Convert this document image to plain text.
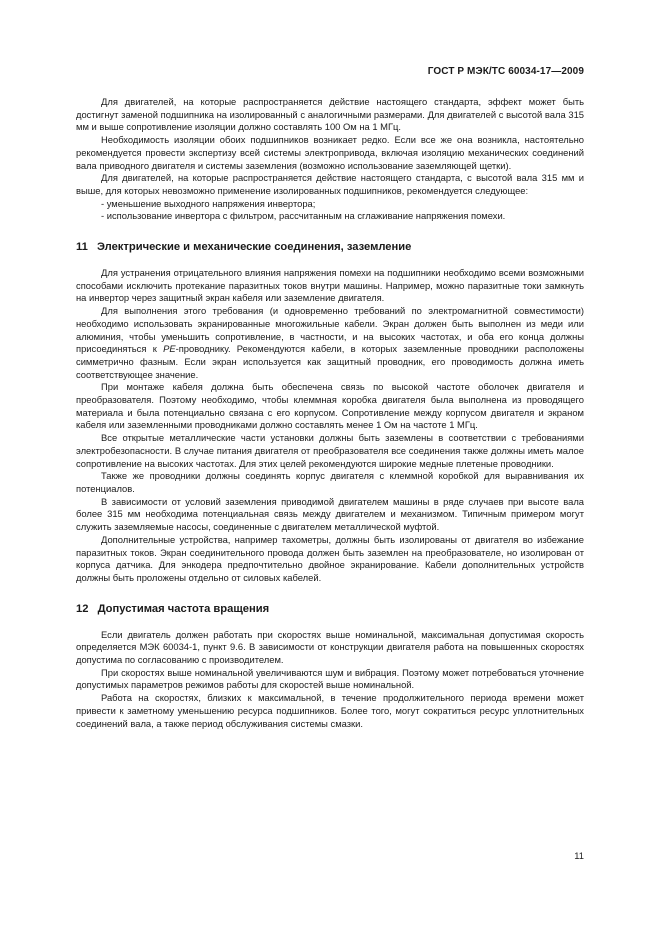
ГОСТ Р МЭК/ТС 60034-17—2009

Для двигателей, на которые распространяется действие настоящего стандарта, эффект может быть достигнут заменой подшипника на изолированный с аналогичными размерами. Для двигателей с высотой вала 315 мм и выше сопротивление изоляции должно составлять 100 Ом на 1 МГц.

Необходимость изоляции обоих подшипников возникает редко. Если все же она возникла, настоятельно рекомендуется провести экспертизу всей системы электропривода, включая изоляцию механических соединений вала приводного двигателя и системы заземления (возможно использование заземляющей щетки).

Для двигателей, на которые распространяется действие настоящего стандарта, с высотой вала 315 мм и выше, для которых невозможно применение изолированных подшипников, рекомендуется следующее:

- уменьшение выходного напряжения инвертора;
- использование инвертора с фильтром, рассчитанным на сглаживание напряжения помехи.
11 Электрические и механические соединения, заземление

Для устранения отрицательного влияния напряжения помехи на подшипники необходимо всеми возможными способами исключить протекание паразитных токов внутри машины. Например, можно паразитные токи замкнуть на инвертор через защитный экран кабеля или заземление двигателя.

Для выполнения этого требования (и одновременно требований по электромагнитной совместимости) необходимо использовать экранированные многожильные кабели. Экран должен быть выполнен из меди или алюминия, чтобы уменьшить сопротивление, в частности, и на высоких частотах, и оба его конца должны присоединяться к PE-проводнику. Рекомендуются кабели, в которых заземленные проводники расположены симметрично фазным. Если экран используется как защитный проводник, его проводимость должна иметь соответствующее значение.

При монтаже кабеля должна быть обеспечена связь по высокой частоте оболочек двигателя и преобразователя. Поэтому необходимо, чтобы клеммная коробка двигателя была выполнена из проводящего материала и была потенциально связана с его корпусом. Сопротивление между корпусом двигателя и экраном кабеля или заземленными проводниками должно составлять менее 1 Ом на частоте 1 МГц.

Все открытые металлические части установки должны быть заземлены в соответствии с требованиями электробезопасности. В случае питания двигателя от преобразователя все соединения также должны иметь малое сопротивление на высоких частотах. Для этих целей рекомендуются широкие медные плетеные проводники.

Также же проводники должны соединять корпус двигателя с клеммной коробкой для выравнивания их потенциалов.

В зависимости от условий заземления приводимой двигателем машины в ряде случаев при высоте вала более 315 мм необходима потенциальная связь между двигателем и механизмом. Типичным примером могут служить заземляемые насосы, соединенные с двигателем металлической муфтой.

Дополнительные устройства, например тахометры, должны быть изолированы от двигателя во избежание паразитных токов. Экран соединительного провода должен быть заземлен на преобразователе, но изолирован от корпуса датчика. Для энкодера предпочтительно двойное экранирование. Кабели дополнительных устройств должны быть проложены отдельно от силовых кабелей.

12 Допустимая частота вращения

Если двигатель должен работать при скоростях выше номинальной, максимальная допустимая скорость определяется МЭК 60034-1, пункт 9.6. В зависимости от конструкции двигателя работа на повышенных скоростях допустима по согласованию с производителем.

При скоростях выше номинальной увеличиваются шум и вибрация. Поэтому может потребоваться уточнение допустимых параметров режимов работы для скоростей выше номинальной.

Работа на скоростях, близких к максимальной, в течение продолжительного периода времени может привести к заметному уменьшению ресурса подшипников. Более того, могут сократиться ресурс уплотнительных соединений вала, а также период обслуживания системы смазки.

11
